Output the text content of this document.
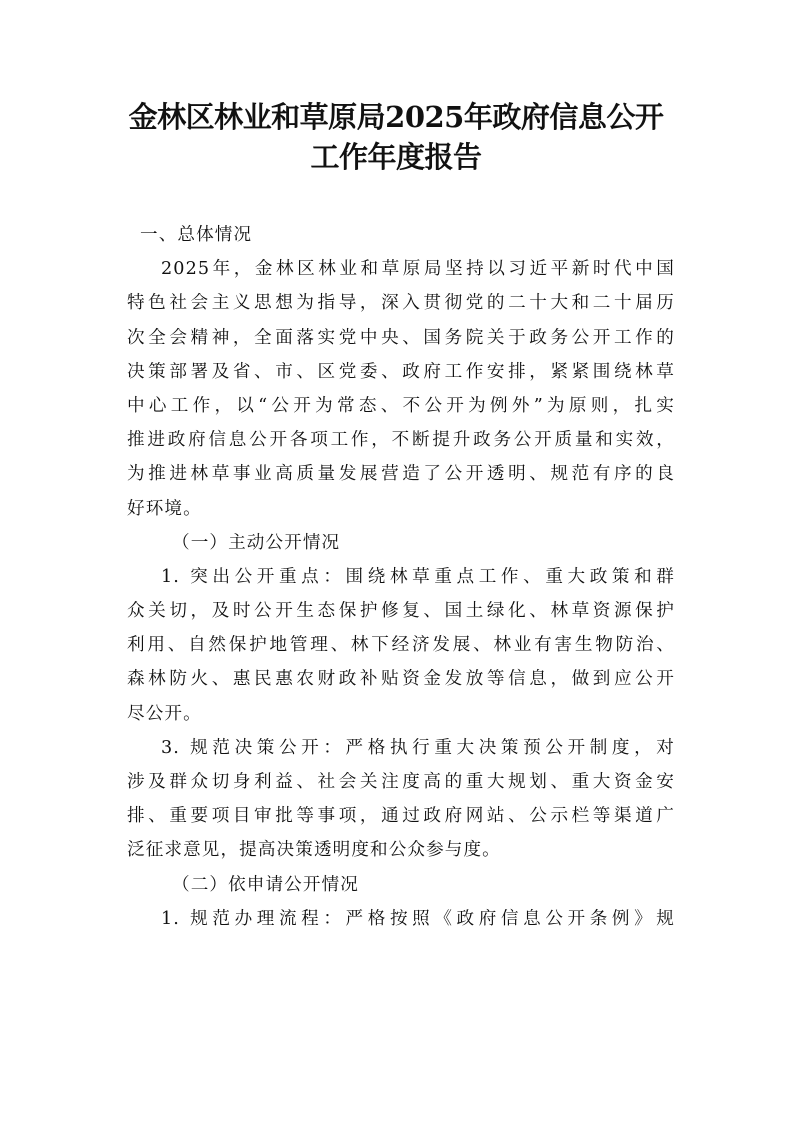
金林区林业和草原局2025年政府信息公开
工作年度报告
一、总体情况
2025年，金林区林业和草原局坚持以习近平新时代中国
特色社会主义思想为指导，深入贯彻党的二十大和二十届历
次全会精神，全面落实党中央、国务院关于政务公开工作的
决策部署及省、市、区党委、政府工作安排，紧紧围绕林草
中心工作，以“公开为常态、不公开为例外”为原则，扎实
推进政府信息公开各项工作，不断提升政务公开质量和实效，
为推进林草事业高质量发展营造了公开透明、规范有序的良
好环境。
（一）主动公开情况
1. 突出公开重点：围绕林草重点工作、重大政策和群
众关切，及时公开生态保护修复、国土绿化、林草资源保护
利用、自然保护地管理、林下经济发展、林业有害生物防治、
森林防火、惠民惠农财政补贴资金发放等信息，做到应公开
尽公开。
3. 规范决策公开：严格执行重大决策预公开制度，对
涉及群众切身利益、社会关注度高的重大规划、重大资金安
排、重要项目审批等事项，通过政府网站、公示栏等渠道广
泛征求意见，提高决策透明度和公众参与度。
（二）依申请公开情况
1. 规范办理流程：严格按照《政府信息公开条例》规
